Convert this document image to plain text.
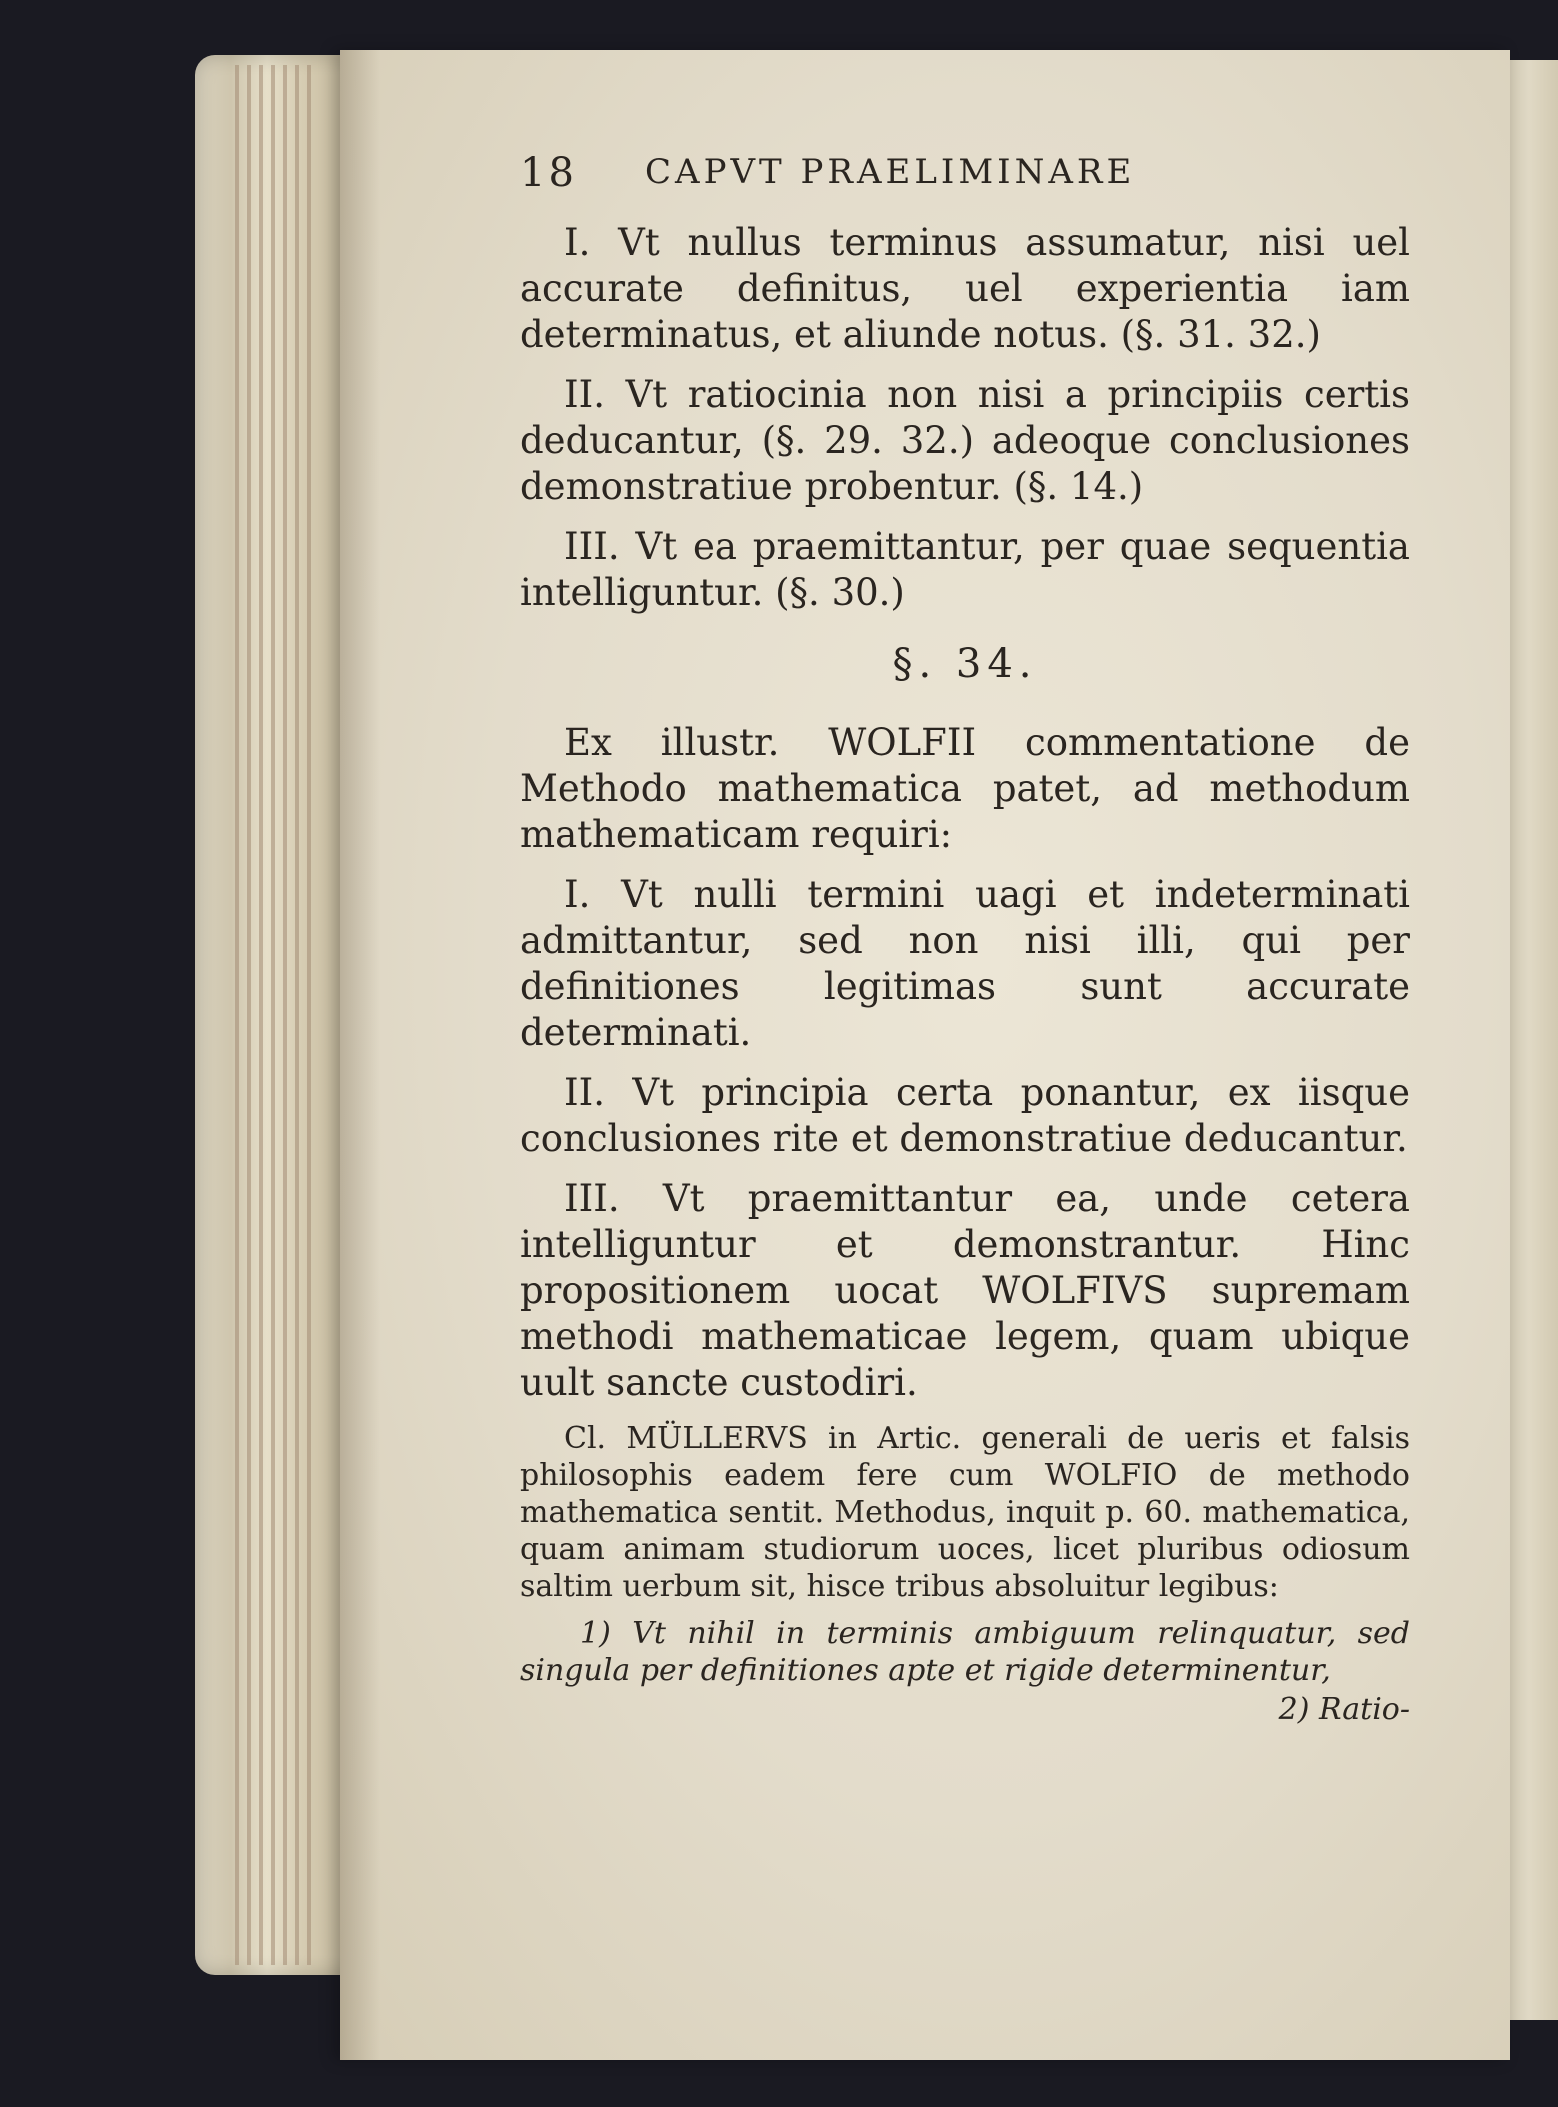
18 CAPVT PRAELIMINARE

I. Vt nullus terminus assumatur, nisi uel accurate definitus, uel experientia iam determinatus, et aliunde notus. (§. 31. 32.)

II. Vt ratiocinia non nisi a principiis certis deducantur, (§. 29. 32.) adeoque conclusiones demonstratiue probentur. (§. 14.)

III. Vt ea praemittantur, per quae sequentia intelliguntur. (§. 30.)

§. 34.

Ex illustr. WOLFII commentatione de Methodo mathematica patet, ad methodum mathematicam requiri:

I. Vt nulli termini uagi et indeterminati admittantur, sed non nisi illi, qui per definitiones legitimas sunt accurate determinati.

II. Vt principia certa ponantur, ex iisque conclusiones rite et demonstratiue deducantur.

III. Vt praemittantur ea, unde cetera intelliguntur et demonstrantur. Hinc propositionem uocat WOLFIVS supremam methodi mathematicae legem, quam ubique uult sancte custodiri.

Cl. MÜLLERVS in Artic. generali de ueris et falsis philosophis eadem fere cum WOLFIO de methodo mathematica sentit. Methodus, inquit p. 60. mathematica, quam animam studiorum uoces, licet pluribus odiosum saltim uerbum sit, hisce tribus absoluitur legibus:

1) Vt nihil in terminis ambiguum relinquatur, sed singula per definitiones apte et rigide determinentur,

2) Ratio-
